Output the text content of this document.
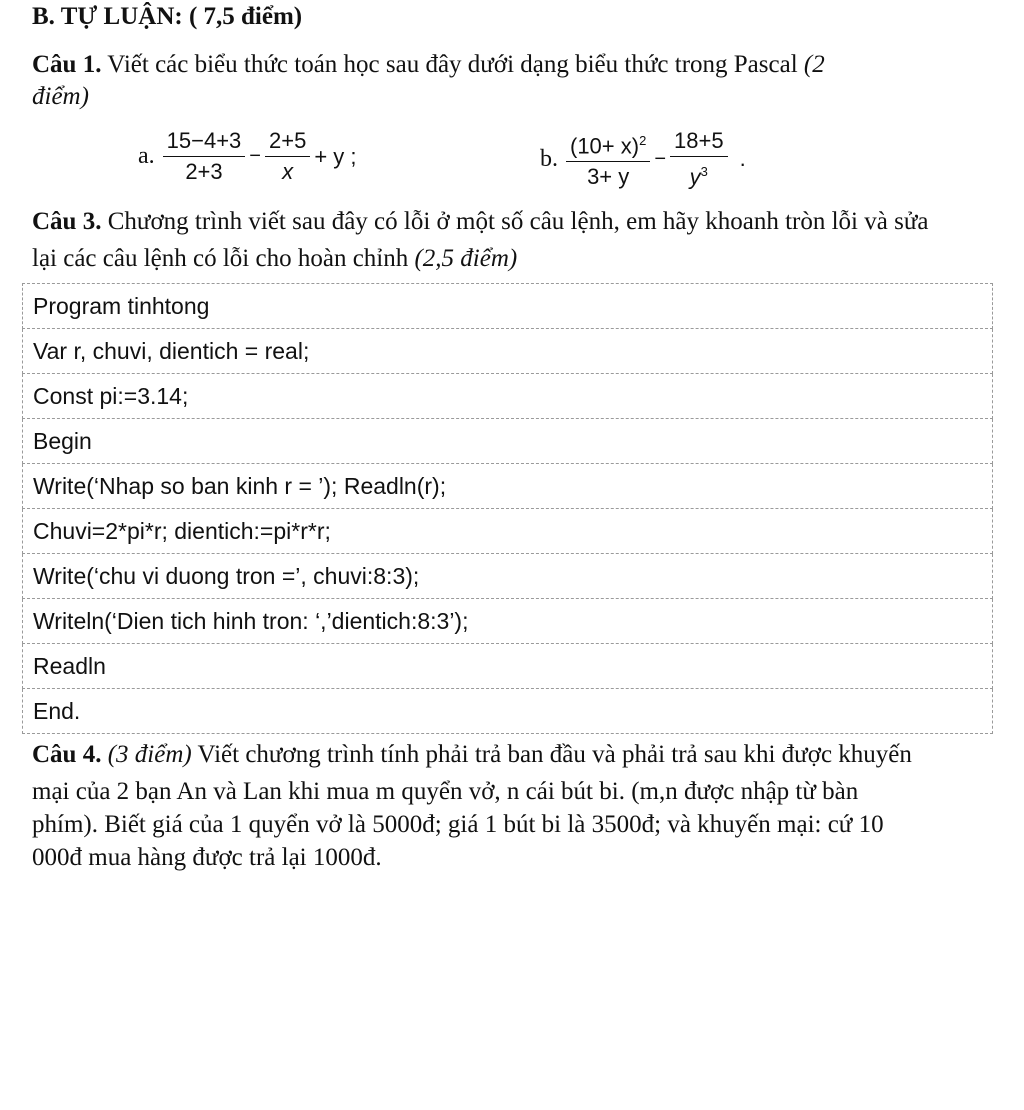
B. TỰ LUẬN: ( 7,5 điểm)
Câu 1. Viết các biểu thức toán học sau đây dưới dạng biểu thức trong Pascal (2
điểm)
a. $\frac{15-4+3}{2+3} - \frac{2+5}{x} + y$ ;	b. $\frac{(10+ x)^2}{3+ y} - \frac{18+5}{y^3}$ .
Câu 3. Chương trình viết sau đây có lỗi ở một số câu lệnh, em hãy khoanh tròn lỗi và sửa
lại các câu lệnh có lỗi cho hoàn chỉnh (2,5 điểm)
Program tinhtong
Var r, chuvi, dientich = real;
Const pi:=3.14;
Begin
Write(‘Nhap so ban kinh r = ’); Readln(r);
Chuvi=2*pi*r; dientich:=pi*r*r;
Write(‘chu vi duong tron =’, chuvi:8:3);
Writeln(‘Dien tich hinh tron: ‘,’dientich:8:3’);
Readln
End.
Câu 4. (3 điểm) Viết chương trình tính phải trả ban đầu và phải trả sau khi được khuyến
mại của 2 bạn An và Lan khi mua m quyển vở, n cái bút bi. (m,n được nhập từ bàn
phím). Biết giá của 1 quyển vở là 5000đ; giá 1 bút bi là 3500đ; và khuyến mại: cứ 10
000đ mua hàng được trả lại 1000đ.
